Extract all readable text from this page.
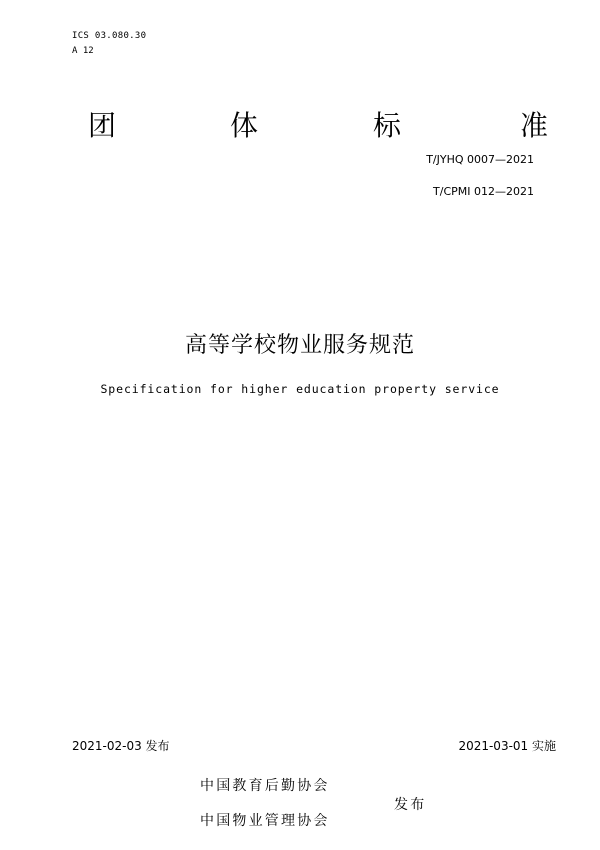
ICS 03.080.30
A 12
团	体	标	准
T/JYHQ 0007—2021
T/CPMI 012—2021
高等学校物业服务规范
Specification for higher education property service
2021-02-03 发布	2021-03-01 实施
中国教育后勤协会
中国物业管理协会
发布
